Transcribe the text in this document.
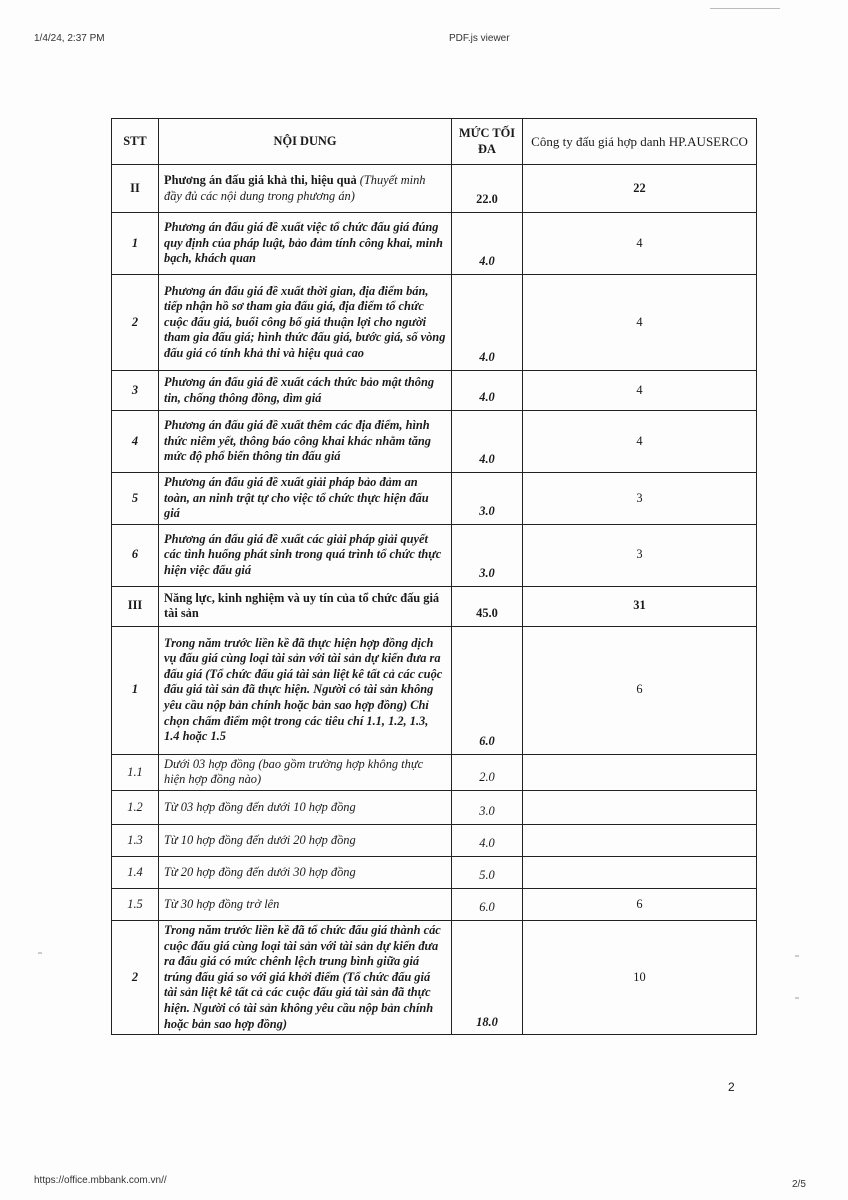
1/4/24, 2:37 PM	PDF.js viewer
STT	NỘI DUNG	MỨC TỐI ĐA	Công ty đấu giá hợp danh HP.AUSERCO
II	Phương án đấu giá khả thi, hiệu quả (Thuyết minh đầy đủ các nội dung trong phương án)	22.0	22
1	Phương án đấu giá đề xuất việc tổ chức đấu giá đúng quy định của pháp luật, bảo đảm tính công khai, minh bạch, khách quan	4.0	4
2	Phương án đấu giá đề xuất thời gian, địa điểm bán, tiếp nhận hồ sơ tham gia đấu giá, địa điểm tổ chức cuộc đấu giá, buổi công bố giá thuận lợi cho người tham gia đấu giá; hình thức đấu giá, bước giá, số vòng đấu giá có tính khả thi và hiệu quả cao	4.0	4
3	Phương án đấu giá đề xuất cách thức bảo mật thông tin, chống thông đồng, dìm giá	4.0	4
4	Phương án đấu giá đề xuất thêm các địa điểm, hình thức niêm yết, thông báo công khai khác nhằm tăng mức độ phổ biến thông tin đấu giá	4.0	4
5	Phương án đấu giá đề xuất giải pháp bảo đảm an toàn, an ninh trật tự cho việc tổ chức thực hiện đấu giá	3.0	3
6	Phương án đấu giá đề xuất các giải pháp giải quyết các tình huống phát sinh trong quá trình tổ chức thực hiện việc đấu giá	3.0	3
III	Năng lực, kinh nghiệm và uy tín của tổ chức đấu giá tài sản	45.0	31
1	Trong năm trước liền kề đã thực hiện hợp đồng dịch vụ đấu giá cùng loại tài sản với tài sản dự kiến đưa ra đấu giá (Tổ chức đấu giá tài sản liệt kê tất cả các cuộc đấu giá tài sản đã thực hiện. Người có tài sản không yêu cầu nộp bản chính hoặc bản sao hợp đồng) Chỉ chọn chấm điểm một trong các tiêu chí 1.1, 1.2, 1.3, 1.4 hoặc 1.5	6.0	6
1.1	Dưới 03 hợp đồng (bao gồm trường hợp không thực hiện hợp đồng nào)	2.0	
1.2	Từ 03 hợp đồng đến dưới 10 hợp đồng	3.0	
1.3	Từ 10 hợp đồng đến dưới 20 hợp đồng	4.0	
1.4	Từ 20 hợp đồng đến dưới 30 hợp đồng	5.0	
1.5	Từ 30 hợp đồng trở lên	6.0	6
2	Trong năm trước liền kề đã tổ chức đấu giá thành các cuộc đấu giá cùng loại tài sản với tài sản dự kiến đưa ra đấu giá có mức chênh lệch trung bình giữa giá trúng đấu giá so với giá khởi điểm (Tổ chức đấu giá tài sản liệt kê tất cả các cuộc đấu giá tài sản đã thực hiện. Người có tài sản không yêu cầu nộp bản chính hoặc bản sao hợp đồng)	18.0	10
2
https://office.mbbank.com.vn//	2/5
